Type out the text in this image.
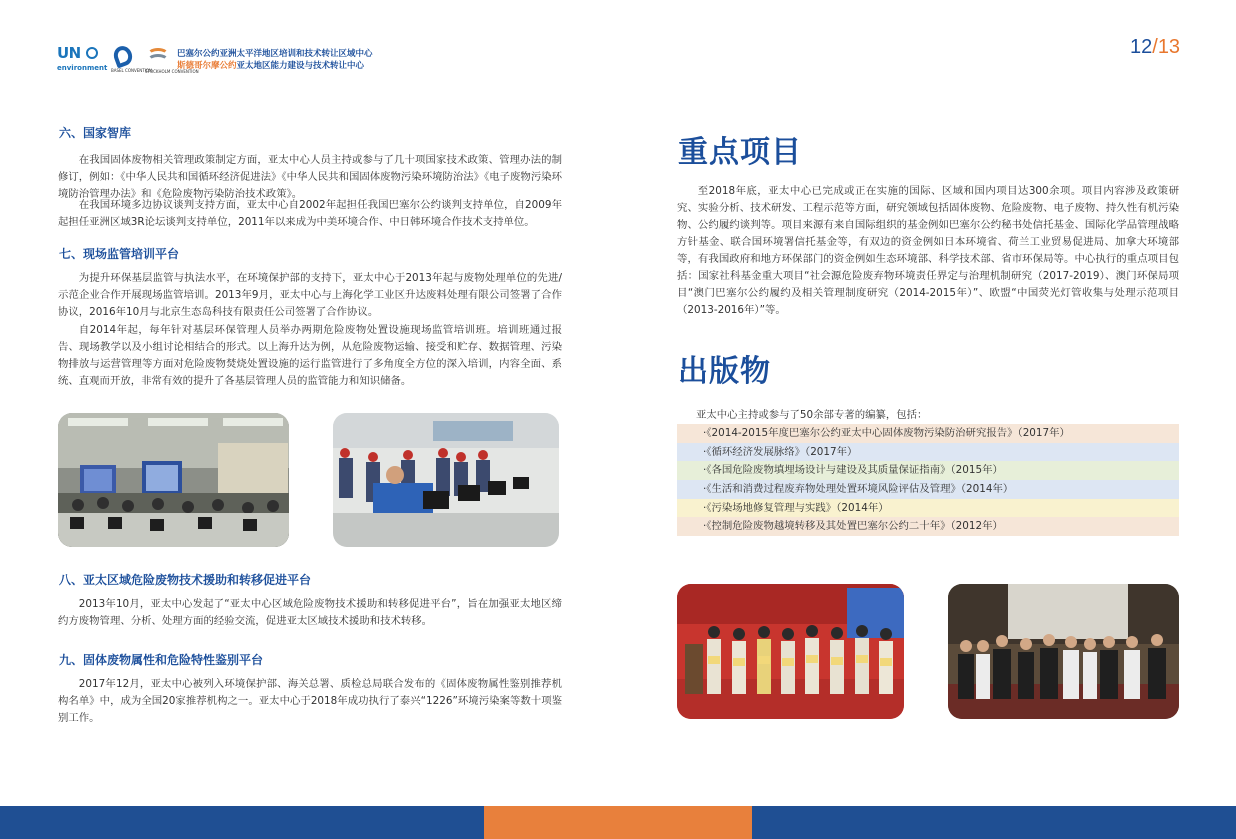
UN
environment BASEL CONVENTION
STOCKHOLM CONVENTION
巴塞尔公约亚洲太平洋地区培训和技术转让区域中心
斯德哥尔摩公约亚太地区能力建设与技术转让中心
12/13
六、国家智库
在我国固体废物相关管理政策制定方面，亚太中心人员主持或参与了几十项国家技术政策、管理办法的制修订，例如：《中华人民共和国循环经济促进法》《中华人民共和国固体废物污染环境防治法》《电子废物污染环境防治管理办法》和《危险废物污染防治技术政策》。
在我国环境多边协议谈判支持方面，亚太中心自2002年起担任我国巴塞尔公约谈判支持单位，自2009年起担任亚洲区域3R论坛谈判支持单位，2011年以来成为中美环境合作、中日韩环境合作技术支持单位。
七、现场监管培训平台
为提升环保基层监管与执法水平，在环境保护部的支持下，亚太中心于2013年起与废物处理单位的先进/示范企业合作开展现场监管培训。2013年9月，亚太中心与上海化学工业区升达废料处理有限公司签署了合作协议，2016年10月与北京生态岛科技有限责任公司签署了合作协议。
自2014年起，每年针对基层环保管理人员举办两期危险废物处置设施现场监管培训班。培训班通过报告、现场教学以及小组讨论相结合的形式。以上海升达为例，从危险废物运输、接受和贮存、数据管理、污染物排放与运营管理等方面对危险废物焚烧处置设施的运行监管进行了多角度全方位的深入培训，内容全面、系统、直观而开放，非常有效的提升了各基层管理人员的监管能力和知识储备。
八、亚太区域危险废物技术援助和转移促进平台
2013年10月，亚太中心发起了“亚太中心区域危险废物技术援助和转移促进平台”，旨在加强亚太地区缔约方废物管理、分析、处理方面的经验交流，促进亚太区域技术援助和技术转移。
九、固体废物属性和危险特性鉴别平台
2017年12月，亚太中心被列入环境保护部、海关总署、质检总局联合发布的《固体废物属性鉴别推荐机构名单》中，成为全国20家推荐机构之一。亚太中心于2018年成功执行了泰兴“1226”环境污染案等数十项鉴别工作。
重点项目
至2018年底，亚太中心已完成或正在实施的国际、区域和国内项目达300余项。项目内容涉及政策研究、实验分析、技术研发、工程示范等方面，研究领域包括固体废物、危险废物、电子废物、持久性有机污染物、公约履约谈判等。项目来源有来自国际组织的基金例如巴塞尔公约秘书处信托基金、国际化学品管理战略方针基金、联合国环境署信托基金等，有双边的资金例如日本环境省、荷兰工业贸易促进局、加拿大环境部等，有我国政府和地方环保部门的资金例如生态环境部、科学技术部、省市环保局等。中心执行的重点项目包括：国家社科基金重大项目“社会源危险废弃物环境责任界定与治理机制研究（2017-2019）、澳门环保局项目“澳门巴塞尔公约履约及相关管理制度研究（2014-2015年）”、欧盟“中国荧光灯管收集与处理示范项目（2013-2016年）”等。
出版物
亚太中心主持或参与了50余部专著的编纂，包括：
·《2014-2015年度巴塞尔公约亚太中心固体废物污染防治研究报告》（2017年）
·《循环经济发展脉络》（2017年）
·《各国危险废物填埋场设计与建设及其质量保证指南》（2015年）
·《生活和消费过程废弃物处理处置环境风险评估及管理》（2014年）
·《污染场地修复管理与实践》（2014年）
·《控制危险废物越境转移及其处置巴塞尔公约二十年》（2012年）
